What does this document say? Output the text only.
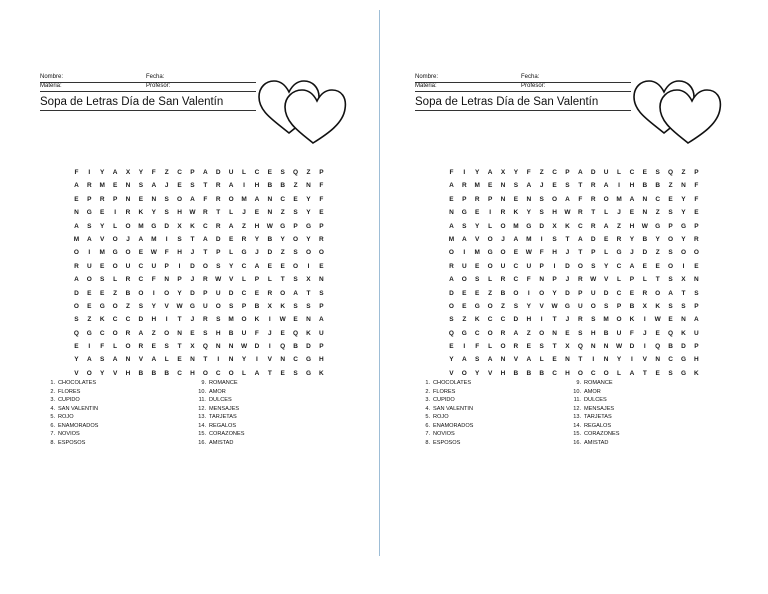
Nombre:	Fecha:
Materia:	Profesor:
Sopa de Letras Día de San Valentín
F	I	Y	A	X	Y	F	Z	C	P	A	D	U	L	C	E	S	Q	Z	P
A	R	M	E	N	S	A	J	E	S	T	R	A	I	H	B	B	Z	N	F
E	P	R	P	N	E	N	S	O	A	F	R	O	M	A	N	C	E	Y	F
N	G	E	I	R	K	Y	S	H	W	R	T	L	J	E	N	Z	S	Y	E
A	S	Y	L	O	M	G	D	X	K	C	R	A	Z	H	W	G	P	G	P
M	A	V	O	J	A	M	I	S	T	A	D	E	R	Y	B	Y	O	Y	R
O	I	M	G	O	E	W	F	H	J	T	P	L	G	J	D	Z	S	O	O
R	U	E	O	U	C	U	P	I	D	O	S	Y	C	A	E	E	O	I	E
A	O	S	L	R	C	F	N	P	J	R	W	V	L	P	L	T	S	X	N
D	E	E	Z	B	O	I	O	Y	D	P	U	D	C	E	R	O	A	T	S
O	E	G	O	Z	S	Y	V	W	G	U	O	S	P	B	X	K	S	S	P
S	Z	K	C	C	D	H	I	T	J	R	S	M	O	K	I	W	E	N	A
Q	G	C	O	R	A	Z	O	N	E	S	H	B	U	F	J	E	Q	K	U
E	I	F	L	O	R	E	S	T	X	Q	N	N	W	D	I	Q	B	D	P
Y	A	S	A	N	V	A	L	E	N	T	I	N	Y	I	V	N	C	G	H
V	O	Y	V	H	B	B	B	C	H	O	C	O	L	A	T	E	S	G	K
1. CHOCOLATES
2. FLORES
3. CUPIDO
4. SAN VALENTIN
5. ROJO
6. ENAMORADOS
7. NOVIOS
8. ESPOSOS
9. ROMANCE
10. AMOR
11. DULCES
12. MENSAJES
13. TARJETAS
14. REGALOS
15. CORAZONES
16. AMISTAD
Nombre:	Fecha:
Materia:	Profesor:
Sopa de Letras Día de San Valentín
F	I	Y	A	X	Y	F	Z	C	P	A	D	U	L	C	E	S	Q	Z	P
A	R	M	E	N	S	A	J	E	S	T	R	A	I	H	B	B	Z	N	F
E	P	R	P	N	E	N	S	O	A	F	R	O	M	A	N	C	E	Y	F
N	G	E	I	R	K	Y	S	H	W	R	T	L	J	E	N	Z	S	Y	E
A	S	Y	L	O	M	G	D	X	K	C	R	A	Z	H	W	G	P	G	P
M	A	V	O	J	A	M	I	S	T	A	D	E	R	Y	B	Y	O	Y	R
O	I	M	G	O	E	W	F	H	J	T	P	L	G	J	D	Z	S	O	O
R	U	E	O	U	C	U	P	I	D	O	S	Y	C	A	E	E	O	I	E
A	O	S	L	R	C	F	N	P	J	R	W	V	L	P	L	T	S	X	N
D	E	E	Z	B	O	I	O	Y	D	P	U	D	C	E	R	O	A	T	S
O	E	G	O	Z	S	Y	V	W	G	U	O	S	P	B	X	K	S	S	P
S	Z	K	C	C	D	H	I	T	J	R	S	M	O	K	I	W	E	N	A
Q	G	C	O	R	A	Z	O	N	E	S	H	B	U	F	J	E	Q	K	U
E	I	F	L	O	R	E	S	T	X	Q	N	N	W	D	I	Q	B	D	P
Y	A	S	A	N	V	A	L	E	N	T	I	N	Y	I	V	N	C	G	H
V	O	Y	V	H	B	B	B	C	H	O	C	O	L	A	T	E	S	G	K
1. CHOCOLATES
2. FLORES
3. CUPIDO
4. SAN VALENTIN
5. ROJO
6. ENAMORADOS
7. NOVIOS
8. ESPOSOS
9. ROMANCE
10. AMOR
11. DULCES
12. MENSAJES
13. TARJETAS
14. REGALOS
15. CORAZONES
16. AMISTAD
